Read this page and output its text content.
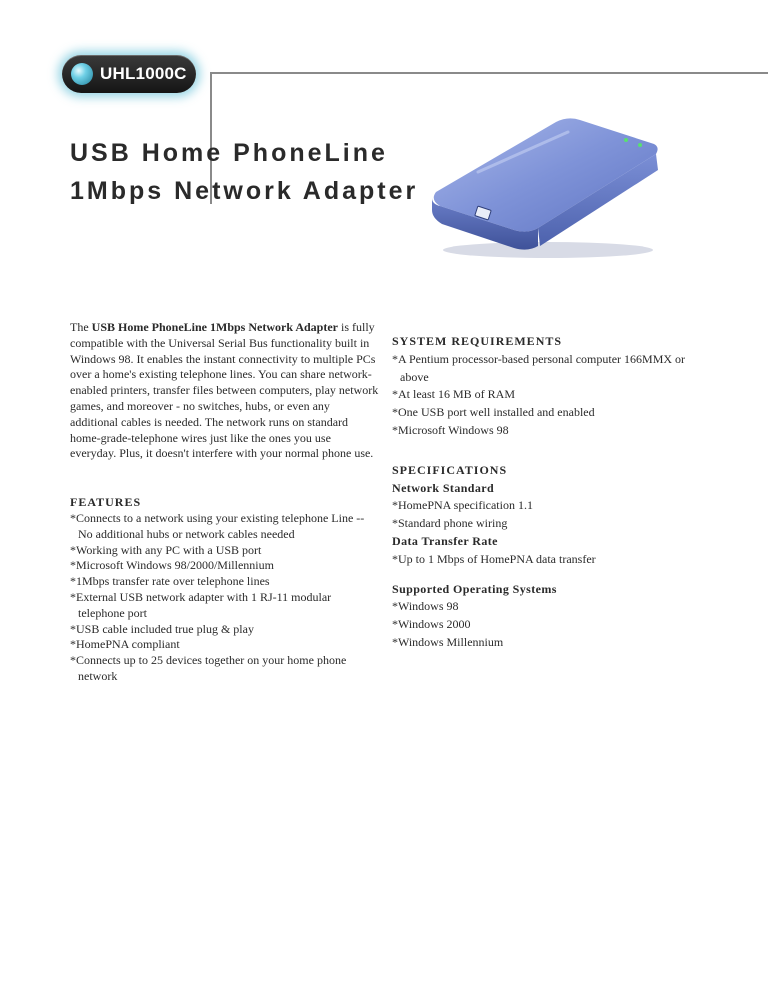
UHL1000C
USB Home PhoneLine
1Mbps Network Adapter

The USB Home PhoneLine 1Mbps Network Adapter is fully compatible with the Universal Serial Bus functionality built in Windows 98. It enables the instant connectivity to multiple PCs over a home's existing telephone lines. You can share network-enabled printers, transfer files between computers, play network games, and moreover - no switches, hubs, or even any additional cables is needed. The network runs on standard home-grade-telephone wires just like the ones you use everyday. Plus, it doesn't interfere with your normal phone use.

FEATURES

*Connects to a network using your existing telephone Line -- No additional hubs or network cables needed
*Working with any PC with a USB port
*Microsoft Windows 98/2000/Millennium
*1Mbps transfer rate over telephone lines
*External USB network adapter with 1 RJ-11 modular telephone port
*USB cable included true plug & play
*HomePNA compliant
*Connects up to 25 devices together on your home phone network

SYSTEM REQUIREMENTS

*A Pentium processor-based personal computer 166MMX or above
*At least 16 MB of RAM
*One USB port well installed and enabled
*Microsoft Windows 98

SPECIFICATIONS

Network Standard

*HomePNA specification 1.1
*Standard phone wiring

Data Transfer Rate

*Up to 1 Mbps of HomePNA data transfer

Supported Operating Systems

*Windows 98
*Windows 2000
*Windows Millennium
